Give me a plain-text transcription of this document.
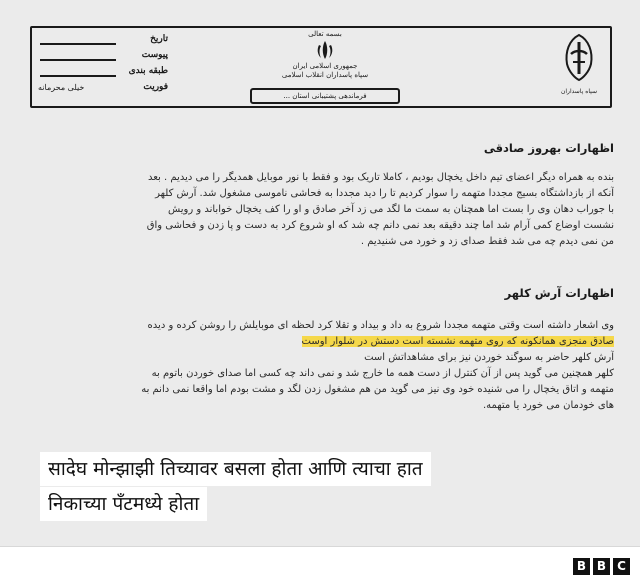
تاریخ
پیوست
طبقه بندی
فوریت
خیلی محرمانه
بسمه تعالی
جمهوری اسلامی ایران
سپاه پاسداران انقلاب اسلامی
فرماندهی پشتیبانی استان ...
سپاه پاسداران
اظهارات بهروز صادقی

بنده به همراه دیگر اعضای تیم داخل یخچال بودیم ، کاملا تاریک بود و فقط با نور موبایل همدیگر را می دیدیم . بعد

آنکه از بازداشتگاه بسیج مجددا متهمه را سوار کردیم تا را دید مجددا به فحاشی ناموسی مشغول شد. آرش کلهر

با جوراب دهان وی را بست اما همچنان به سمت ما لگد می زد آخر صادق و او را کف یخچال خواباند و رویش

نشست اوضاع کمی آرام شد اما چند دقیقه بعد نمی دانم چه شد که او شروع کرد به دست و پا زدن و فحاشی واق

من نمی دیدم چه می شد فقط صدای زد و خورد می شنیدیم .

اظهارات آرش کلهر

وی اشعار داشته است وقتی متهمه مجددا شروع به داد و بیداد و تقلا کرد لحظه ای موبایلش را روشن کرده و دیده

صادق منجزی همانکونه که روی متهمه نشسته است دستش در شلوار اوست

آرش کلهر حاضر به سوگند خوردن نیز برای مشاهداتش است

کلهر همچنین می گوید پس از آن کنترل از دست همه ما خارج شد و نمی داند چه کسی اما صدای خوردن باتوم به

متهمه و اتاق یخچال را می شنیده خود وی نیز می گوید من هم مشغول زدن لگد و مشت بودم اما واقعا نمی دانم به

های خودمان می خورد یا متهمه.

सादेघ मोन्झाझी तिच्यावर बसला होता आणि त्याचा हात
निकाच्या पँटमध्ये होता
B B C
